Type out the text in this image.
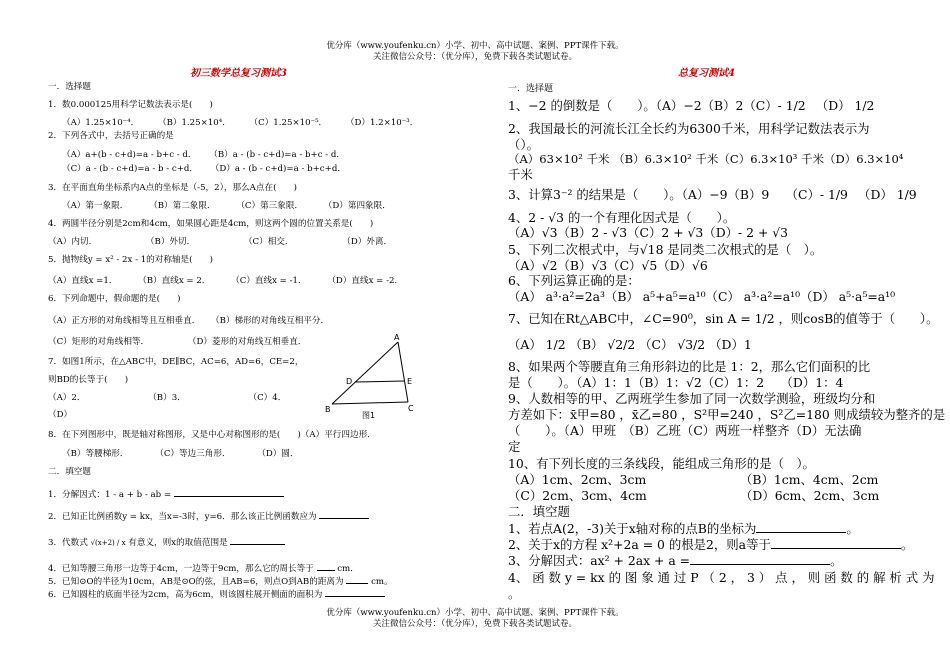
优分库（www.youfenku.cn）小学、初中、高中试题、案例、PPT课件下载。
关注微信公众号：（优分库），免费下载各类试题试卷。
初三数学总复习测试3	总复习测试4
一．选择题
1．数0.000125用科学记数法表示是(　　)
（A）1.25×10⁻⁴． （B）1.25×10⁴． （C）1.25×10⁻⁵． （D）1.2×10⁻³．
2．下列各式中，去括号正确的是
（A）a+(b - c+d)=a - b+c - d． （B）a - (b - c+d)=a - b+c - d．
（C）a - (b - c+d)=a - b - c+d． （D）a - (b - c+d)=a - b+c+d．
3．在平面直角坐标系内A点的坐标是（-5，2），那么A点在(　　)
（A）第一象限． （B）第二象限． （C）第三象限． （D）第四象限．
4．两圆半径分别是2cm和4cm，如果圆心距是4cm，则这两个圆的位置关系是(　　)
（A）内切．	（B）外切．	（C）相交．	（D）外离．
5．抛物线y = x² - 2x - 1的对称轴是(　　)
（A）直线x =1． （B）直线x = 2． （C）直线x = -1． （D）直线x = -2．
6．下列命题中，假命题的是(　　)
（A）正方形的对角线相等且互相垂直． （B）梯形的对角线互相平分．
（C）矩形的对角线相等．	（D）菱形的对角线互相垂直．
7．如图1所示，在△ABC中，DE∥BC，AC=6，AD=6，CE=2，
则BD的长等于(　　)
（A）2．	（B）3．	（C）4．
（D）
A
B	C
D	E
图1
8．在下列图形中，既是轴对称图形，又是中心对称图形的是(　　)（A）平行四边形．
（B）等腰梯形．	（C）等边三角形．	（D）圆．
二．填空题
1．分解因式：1 - a + b - ab =
2．已知正比例函数y = kx，当x=-3时，y=6．那么该正比例函数应为
3．代数式 √(x+2) / x 有意义，则x的取值范围是
4．已知等腰三角形一边等于4cm，一边等于9cm，那么它的周长等于	cm．
5．已知⊙O的半径为10cm，AB是⊙O的弦，且AB=6，则点O到AB的距离为	cm。
6．已知圆柱的底面半径为2cm，高为6cm，则该圆柱展开侧面的面积为
一．选择题
1、−2 的倒数是（　　）。（A）−2（B）2（C）- 1/2 　（D） 1/2
2、我国最长的河流长江全长约为6300千米，用科学记数法表示为
（）。
（A）63×10² 千米 （B）6.3×10² 千米（C）6.3×10³ 千米（D）6.3×10⁴
千米
3、计算3⁻² 的结果是（　　）。（A）−9（B）9　 （C）- 1/9 　（D） 1/9
4、2 - √3 的一个有理化因式是（　　）。
（A）√3（B）2 - √3（C）2 + √3（D）- 2 + √3
5、下列二次根式中，与√18 是同类二次根式的是（　）。
（A）√2（B）√3（C）√5（D）√6
6、下列运算正确的是：
（A） a³·a²=2a³（B） a⁵+a⁵=a¹⁰（C） a³·a²=a¹⁰（D） a⁵·a⁵=a¹⁰
7、已知在Rt△ABC中，∠C=90⁰，sin A = 1/2 ，则cosB的值等于（　　）。
（A） 1/2 （B） √2/2 （C） √3/2 （D）1
8、如果两个等腰直角三角形斜边的比是 1：2，那么它们面积的比
是（　　）。（A）1：1（B）1：√2（C）1：2　 （D）1：4
9、人数相等的甲、乙两班学生参加了同一次数学测验，班级均分和
方差如下：x̄甲=80 ，x̄乙=80 ，S²甲=240 ，S²乙=180 则成绩较为整齐的是
（　　）。（A）甲班　（B）乙班（C）两班一样整齐（D）无法确
定
10、有下列长度的三条线段，能组成三角形的是（　）。
（A）1cm、2cm、3cm	（B）1cm、4cm、2cm
（C）2cm、3cm、4cm	（D）6cm、2cm、3cm
二．填空题
1、若点A(2，-3)关于x轴对称的点B的坐标为	。
2、关于x的方程 x²+2a = 0 的根是2，则a等于	。
3、分解因式：ax² + 2ax + a =	。
4、 函 数 y = kx 的 图 象 通 过 P （ 2 ， 3 ） 点 ， 则 函 数 的 解 析 式 为
。
优分库（www.youfenku.cn）小学、初中、高中试题、案例、PPT课件下载。
关注微信公众号：（优分库），免费下载各类试题试卷。
